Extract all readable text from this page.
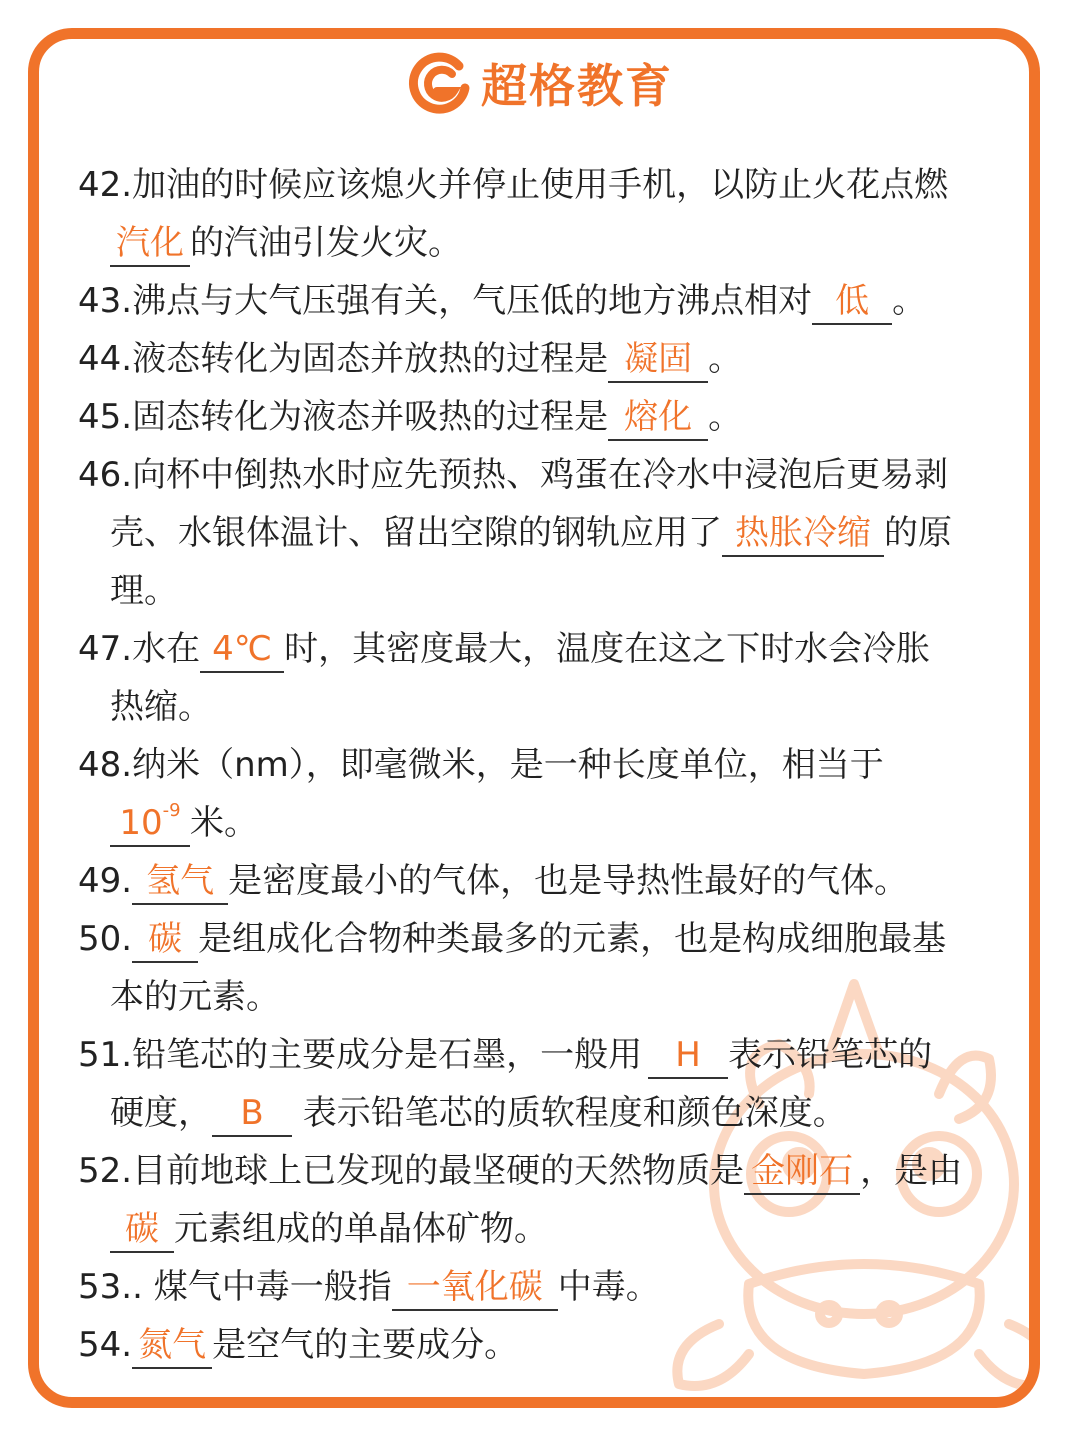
超格教育
42.加油的时候应该熄火并停止使用手机，以防止火花点燃
汽化 的汽油引发火灾。
43.沸点与大气压强有关，气压低的地方沸点相对 低 。
44.液态转化为固态并放热的过程是 凝固 。
45.固态转化为液态并吸热的过程是 熔化 。
46.向杯中倒热水时应先预热、鸡蛋在冷水中浸泡后更易剥
壳、水银体温计、留出空隙的钢轨应用了 热胀冷缩 的原
理。
47.水在 4℃ 时，其密度最大，温度在这之下时水会冷胀
热缩。
48.纳米（nm），即毫微米，是一种长度单位，相当于
$10^{-9}$ 米。
49. 氢气 是密度最小的气体，也是导热性最好的气体。
50. 碳 是组成化合物种类最多的元素，也是构成细胞最基
本的元素。
51.铅笔芯的主要成分是石墨，一般用 H 表示铅笔芯的
硬度， B 表示铅笔芯的质软程度和颜色深度。
52.目前地球上已发现的最坚硬的天然物质是 金刚石 ，是由
碳 元素组成的单晶体矿物。
53.. 煤气中毒一般指 一氧化碳 中毒。
54. 氮气 是空气的主要成分。
